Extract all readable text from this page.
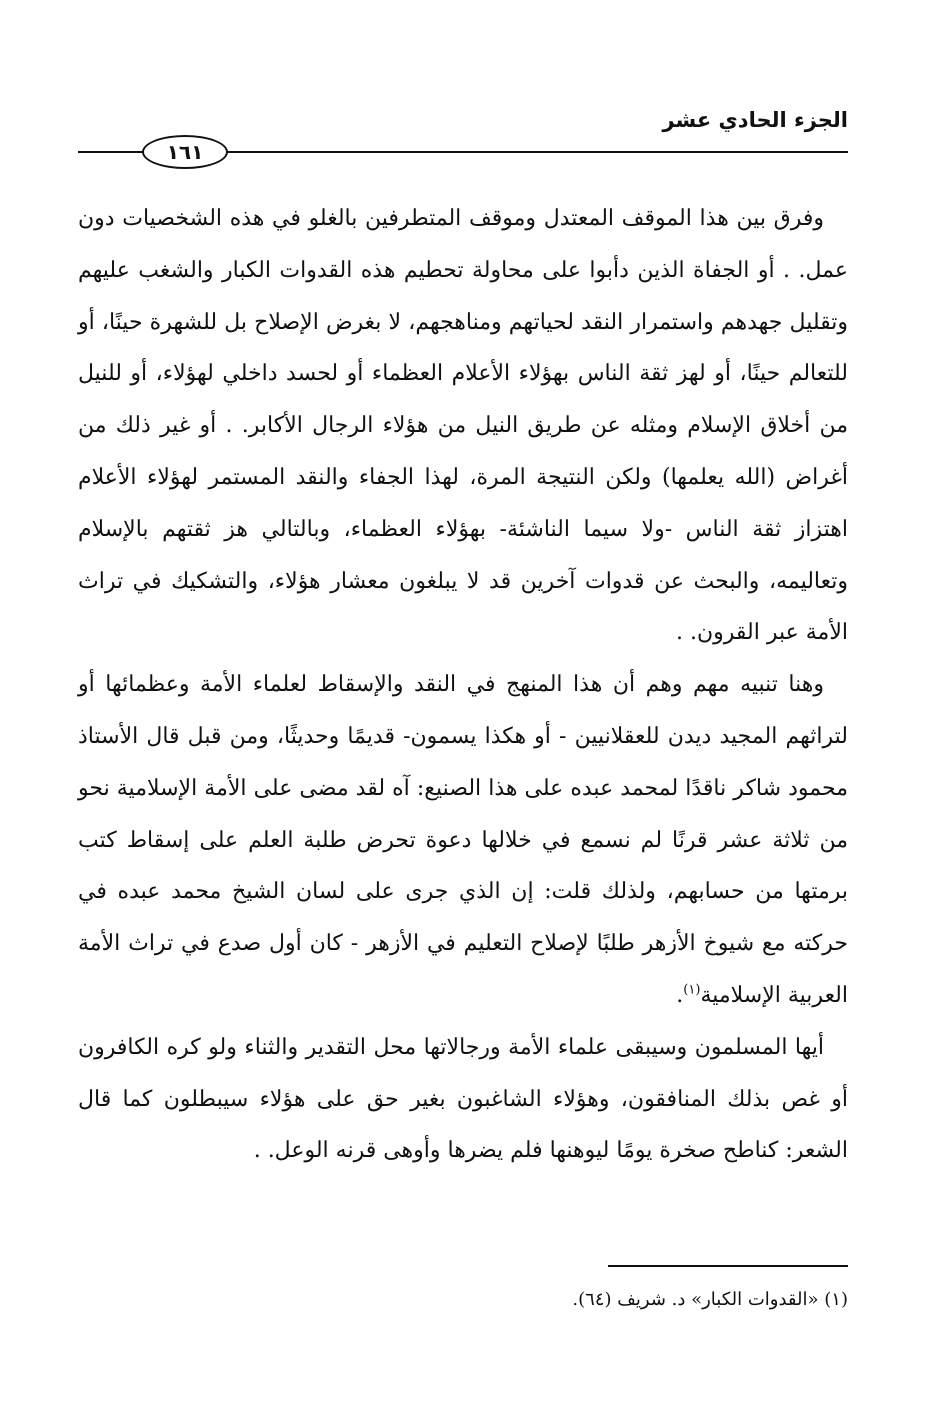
الجزء الحادي عشر
١٦١

وفرق بين هذا الموقف المعتدل وموقف المتطرفين بالغلو في هذه الشخصيات دون عمل. . أو الجفاة الذين دأبوا على محاولة تحطيم هذه القدوات الكبار والشغب عليهم وتقليل جهدهم واستمرار النقد لحياتهم ومناهجهم، لا بغرض الإصلاح بل للشهرة حينًا، أو للتعالم حينًا، أو لهز ثقة الناس بهؤلاء الأعلام العظماء أو لحسد داخلي لهؤلاء، أو للنيل من أخلاق الإسلام ومثله عن طريق النيل من هؤلاء الرجال الأكابر. . أو غير ذلك من أغراض (الله يعلمها) ولكن النتيجة المرة، لهذا الجفاء والنقد المستمر لهؤلاء الأعلام اهتزاز ثقة الناس -ولا سيما الناشئة- بهؤلاء العظماء، وبالتالي هز ثقتهم بالإسلام وتعاليمه، والبحث عن قدوات آخرين قد لا يبلغون معشار هؤلاء، والتشكيك في تراث الأمة عبر القرون. .

وهنا تنبيه مهم وهم أن هذا المنهج في النقد والإسقاط لعلماء الأمة وعظمائها أو لتراثهم المجيد ديدن للعقلانيين - أو هكذا يسمون- قديمًا وحديثًا، ومن قبل قال الأستاذ محمود شاكر ناقدًا لمحمد عبده على هذا الصنيع: آه لقد مضى على الأمة الإسلامية نحو من ثلاثة عشر قرنًا لم نسمع في خلالها دعوة تحرض طلبة العلم على إسقاط كتب برمتها من حسابهم، ولذلك قلت: إن الذي جرى على لسان الشيخ محمد عبده في حركته مع شيوخ الأزهر طلبًا لإصلاح التعليم في الأزهر - كان أول صدع في تراث الأمة العربية الإسلامية$^{(١)}$.

أيها المسلمون وسيبقى علماء الأمة ورجالاتها محل التقدير والثناء ولو كره الكافرون أو غص بذلك المنافقون، وهؤلاء الشاغبون بغير حق على هؤلاء سيبطلون كما قال الشعر: كناطح صخرة يومًا ليوهنها فلم يضرها وأوهى قرنه الوعل. .

(١) «القدوات الكبار» د. شريف (٦٤).
